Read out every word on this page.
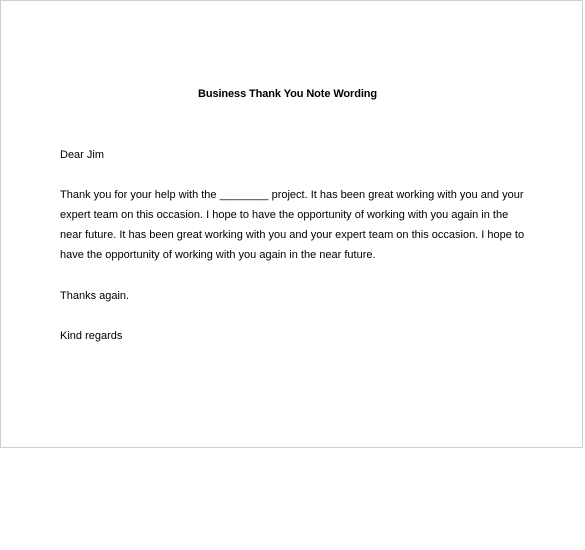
Business Thank You Note Wording
Dear Jim
Thank you for your help with the ________ project. It has been great working with you and your
expert team on this occasion. I hope to have the opportunity of working with you again in the
near future. It has been great working with you and your expert team on this occasion. I hope to
have the opportunity of working with you again in the near future.
Thanks again.
Kind regards
